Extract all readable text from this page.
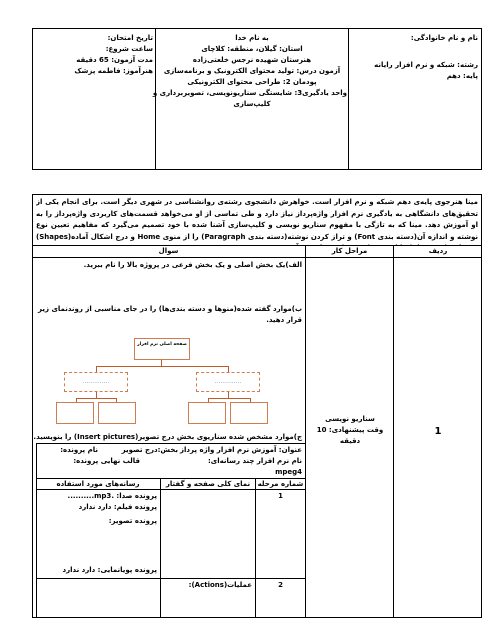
نام و نام خانوادگی:
رشته: شبکه و نرم افزار رایانه
پایه: دهم
به نام خدا
استان: گیلان، منطقه: کلاچای
هنرستان شهیده نرجس خلعتی‌زاده
آزمون درس: تولید محتوای الکترونیک و برنامه‌سازی
پودمان 2: طراحی محتوای الکترونیکی
واحد یادگیری3: شایستگی سناریونویسی، تصویربرداری و
کلیپ‌سازی
تاریخ امتحان:
ساعت شروع:
مدت آزمون: 65 دقیقه
هنرآموز: فاطمه پزشک
مینا هنرجوی پایه‌ی دهم شبکه و نرم افزار است. خواهرش دانشجوی رشته‌ی روانشناسی در شهری دیگر است. برای انجام یکی از تحقیق‌های دانشگاهی به یادگیری نرم افزار واژه‌پرداز نیاز دارد و طی تماسی از او می‌خواهد قسمت‌های کاربردی واژه‌پرداز را به او آموزش دهد. مینا که به تازگی با مفهوم سناریو نویسی و کلیپ‌سازی آشنا شده با خود تصمیم می‌گیرد که مفاهیم تعیین نوع نوشته و اندازه آن(دسته بندی Font) و تراز کردن نوشته(دسته بندی Paragraph) را از منوی Home و درج اشکال آماده(Shapes)
ردیف
مراحل کار
سوال
1
سناریو نویسی
وقت پیشنهادی: 10 دقیقه
الف)یک بخش اصلی و یک بخش فرعی در پروژه بالا را نام ببرید.
ب)موارد گفته شده(منوها و دسته بندی‌ها) را در جای مناسبی از روندنمای زیر قرار دهید.
صفحه اصلی نرم افزار
..............	..............
ج)موارد مشخص شده سناریوی بخش درج تصویر(Insert pictures) را بنویسید.
عنوان: آموزش نرم افزار واژه پرداز
بخش:درج تصویر
نام پرونده:
نام نرم افزار چند رسانه‌ای:
قالب نهایی پرونده:
mpeg4
شماره مرحله
نمای کلی صفحه و گفتار
رسانه‌های مورد استفاده
1
پرونده صدا: .mp3..........
پرونده فیلم: دارد ندارد
پرونده تصویر:
پرونده پویانمایی: دارد ندارد
2
عملیات(Actions):
